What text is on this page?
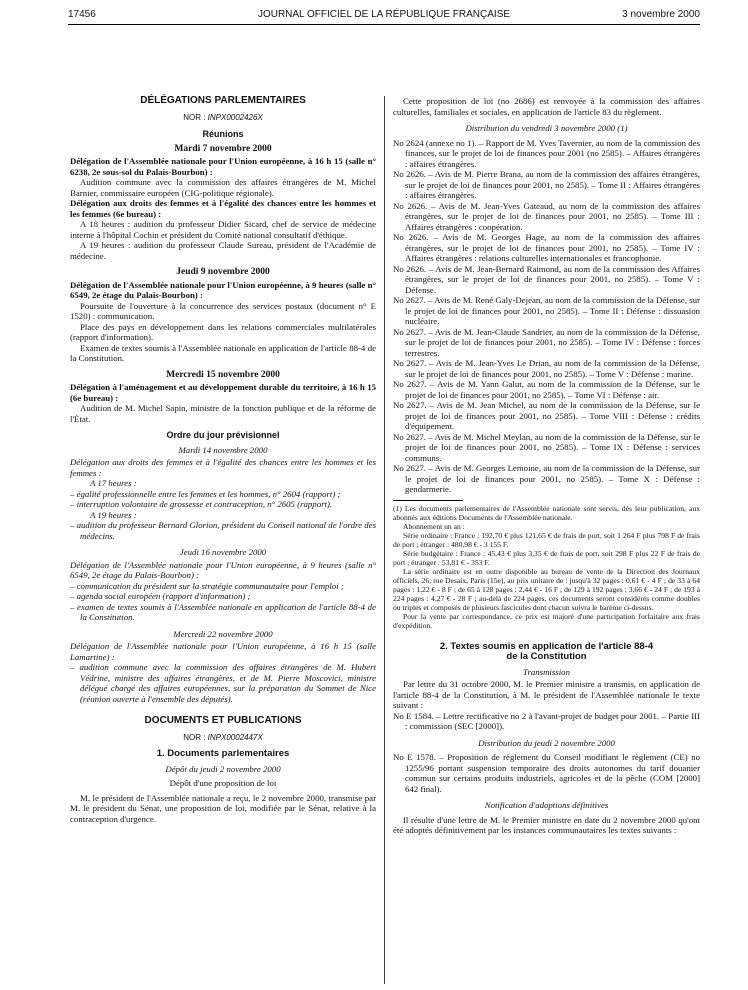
17456	JOURNAL OFFICIEL DE LA RÉPUBLIQUE FRANÇAISE	3 novembre 2000

DÉLÉGATIONS PARLEMENTAIRES

NOR : INPX0002426X

Réunions

Mardi 7 novembre 2000

Délégation de l'Assemblée nationale pour l'Union européenne, à 16 h 15 (salle n° 6238, 2e sous-sol du Palais-Bourbon) :

Audition commune avec la commission des affaires étrangères de M. Michel Barnier, commissaire européen (CIG-politique régionale).

Délégation aux droits des femmes et à l'égalité des chances entre les hommes et les femmes (6e bureau) :

A 18 heures : audition du professeur Didier Sicard, chef de service de médecine interne à l'hôpital Cochin et président du Comité national consultatif d'éthique.

A 19 heures : audition du professeur Claude Sureau, président de l'Académie de médecine.

Jeudi 9 novembre 2000

Délégation de l'Assemblée nationale pour l'Union européenne, à 9 heures (salle n° 6549, 2e étage du Palais-Bourbon) :

Poursuite de l'ouverture à la concurrence des services postaux (document n° E 1520) : communication.

Place des pays en développement dans les relations commerciales multilatérales (rapport d'information).

Examen de textes soumis à l'Assemblée nationale en application de l'article 88-4 de la Constitution.

Mercredi 15 novembre 2000

Délégation à l'aménagement et au développement durable du territoire, à 16 h 15 (6e bureau) :

Audition de M. Michel Sapin, ministre de la fonction publique et de la réforme de l'État.

Ordre du jour prévisionnel

Mardi 14 novembre 2000

Délégation aux droits des femmes et à l'égalité des chances entre les hommes et les femmes :

A 17 heures :

– égalité professionnelle entre les femmes et les hommes, n° 2604 (rapport) ;

– interruption volontaire de grossesse et contraception, n° 2605 (rapport).

A 19 heures :

– audition du professeur Bernard Glorion, président du Conseil national de l'ordre des médecins.

Jeudi 16 novembre 2000

Délégation de l'Assemblée nationale pour l'Union européenne, à 9 heures (salle n° 6549, 2e étage du Palais-Bourbon) :

– communication du président sur la stratégie communautaire pour l'emploi ;

– agenda social européen (rapport d'information) ;

– examen de textes soumis à l'Assemblée nationale en application de l'article 88-4 de la Constitution.

Mercredi 22 novembre 2000

Délégation de l'Assemblée nationale pour l'Union européenne, à 16 h 15 (salle Lamartine) :

– audition commune avec la commission des affaires étrangères de M. Hubert Védrine, ministre des affaires étrangères, et de M. Pierre Moscovici, ministre délégué chargé des affaires européennes, sur la préparation du Sommet de Nice (réunion ouverte à l'ensemble des députés).

DOCUMENTS ET PUBLICATIONS

NOR : INPX0002447X

1. Documents parlementaires

Dépôt du jeudi 2 novembre 2000

Dépôt d'une proposition de loi

M. le président de l'Assemblée nationale a reçu, le 2 novembre 2000, transmise par M. le président du Sénat, une proposition de loi, modifiée par le Sénat, relative à la contraception d'urgence.

Cette proposition de loi (no 2686) est renvoyée à la commission des affaires culturelles, familiales et sociales, en application de l'article 83 du règlement.

Distribution du vendredi 3 novembre 2000 (1)

No 2624 (annexe no 1). – Rapport de M. Yves Tavernier, au nom de la commission des finances, sur le projet de loi de finances pour 2001 (no 2585). – Affaires étrangères : affaires étrangères.

No 2626. – Avis de M. Pierre Brana, au nom de la commission des affaires étrangères, sur le projet de loi de finances pour 2001, no 2585). – Tome II : Affaires étrangères : affaires étrangères.

No 2626. – Avis de M. Jean-Yves Gateaud, au nom de la commission des affaires étrangères, sur le projet de loi de finances pour 2001, no 2585). – Tome III : Affaires étrangères : coopération.

No 2626. – Avis de M. Georges Hage, au nom de la commission des affaires étrangères, sur le projet de loi de finances pour 2001, no 2585). – Tome IV : Affaires étrangères : relations culturelles internationales et francophonie.

No 2626. – Avis de M. Jean-Bernard Raimond, au nom de la commission des Affaires étrangères, sur le projet de loi de finances pour 2001, no 2585). – Tome V : Défense.

No 2627. – Avis de M. René Galy-Dejean, au nom de la commission de la Défense, sur le projet de loi de finances pour 2001, no 2585). – Tome II : Défense : dissuasion nucléaire.

No 2627. – Avis de M. Jean-Claude Sandrier, au nom de la commission de la Défense, sur le projet de loi de finances pour 2001, no 2585). – Tome IV : Défense : forces terrestres.

No 2627. – Avis de M. Jean-Yves Le Drian, au nom de la commission de la Défense, sur le projet de loi de finances pour 2001, no 2585). – Tome V : Défense : marine.

No 2627. – Avis de M. Yann Galut, au nom de la commission de la Défense, sur le projet de loi de finances pour 2001, no 2585). – Tome VI : Défense : air.

No 2627. – Avis de M. Jean Michel, au nom de la commission de la Défense, sur le projet de loi de finances pour 2001, no 2585). – Tome VIII : Défense : crédits d'équipement.

No 2627. – Avis de M. Michel Meylan, au nom de la commission de la Défense, sur le projet de loi de finances pour 2001, no 2585). – Tome IX : Défense : services communs.

No 2627. – Avis de M. Georges Lemoine, au nom de la commission de la Défense, sur le projet de loi de finances pour 2001, no 2585). – Tome X : Défense : gendarmerie.

(1) Les documents parlementaires de l'Assemblée nationale sont servis, dès leur publication, aux abonnés aux éditions Documents de l'Assemblée nationale.

Abonnement un an :

Série ordinaire : France : 192,70 € plus 121,65 € de frais de port, soit 1 264 F plus 798 F de frais de port ; étranger : 480,98 € - 3 155 F.

Série budgétaire : France : 45,43 € plus 3,35 € de frais de port, soit 298 F plus 22 F de frais de port ; étranger : 53,81 € - 353 F.

La série ordinaire est en outre disponible au bureau de vente de la Direction des Journaux officiels, 26, rue Desaix, Paris (15e), au prix unitaire de : jusqu'à 32 pages : 0,61 € - 4 F ; de 33 à 64 pages : 1,22 € - 8 F ; de 65 à 128 pages : 2,44 € - 16 F ; de 129 à 192 pages : 3,66 € - 24 F ; de 193 à 224 pages : 4,27 € - 28 F ; au-delà de 224 pages, ces documents seront considérés comme doubles ou triples et composés de plusieurs fascicules dont chacun suivra le barème ci-dessus.

Pour la vente par correspondance, ce prix est majoré d'une participation forfaitaire aux frais d'expédition.

2. Textes soumis en application de l'article 88-4

de la Constitution

Transmission

Par lettre du 31 octobre 2000, M. le Premier ministre a transmis, en application de l'article 88-4 de la Constitution, à M. le président de l'Assemblée nationale le texte suivant :

No E 1584. – Lettre rectificative no 2 à l'avant-projet de budget pour 2001. – Partie III : commission (SEC [2000]).

Distribution du jeudi 2 novembre 2000

No E 1578. – Proposition de règlement du Conseil modifiant le règlement (CE) no 1255/96 portant suspension temporaire des droits autonomes du tarif douanier commun sur certains produits industriels, agricoles et de la pêche (COM [2000] 642 final).

Notification d'adoptions définitives

Il résulte d'une lettre de M. le Premier ministre en date du 2 novembre 2000 qu'ont été adoptés définitivement par les instances communautaires les textes suivants :
